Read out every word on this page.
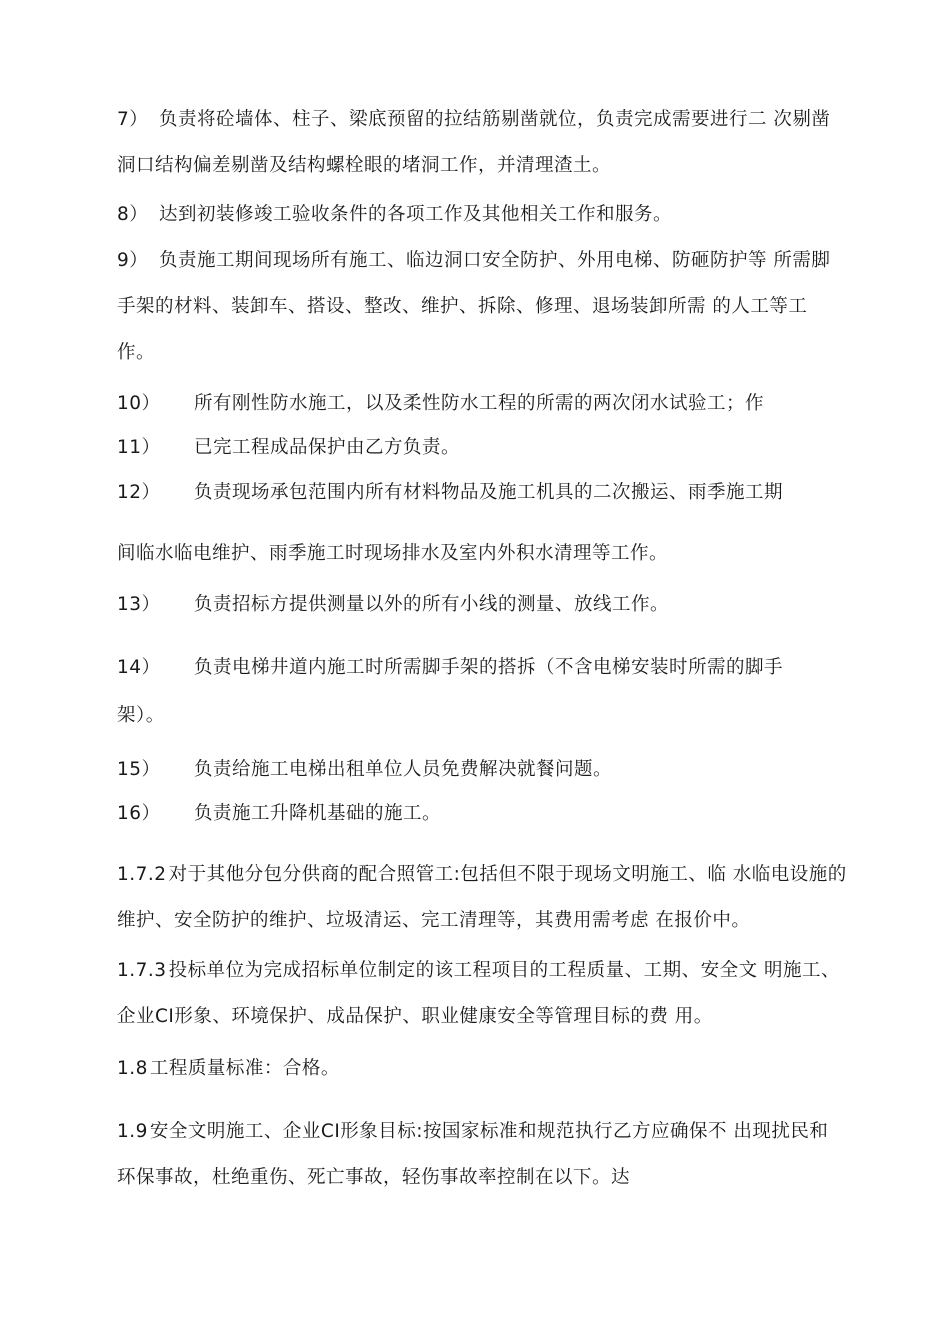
7） 负责将砼墙体、柱子、梁底预留的拉结筋剔凿就位，负责完成需要进行二 次剔凿
洞口结构偏差剔凿及结构螺栓眼的堵洞工作，并清理渣土。
8） 达到初装修竣工验收条件的各项工作及其他相关工作和服务。
9） 负责施工期间现场所有施工、临边洞口安全防护、外用电梯、防砸防护等 所需脚
手架的材料、装卸车、搭设、整改、维护、拆除、修理、退场装卸所需 的人工等工
作。
10） 所有刚性防水施工，以及柔性防水工程的所需的两次闭水试验工；作
11） 已完工程成品保护由乙方负责。
12） 负责现场承包范围内所有材料物品及施工机具的二次搬运、雨季施工期
间临水临电维护、雨季施工时现场排水及室内外积水清理等工作。
13） 负责招标方提供测量以外的所有小线的测量、放线工作。
14） 负责电梯井道内施工时所需脚手架的搭拆（不含电梯安装时所需的脚手
架）。
15） 负责给施工电梯出租单位人员免费解决就餐问题。
16） 负责施工升降机基础的施工。
1.7.2 对于其他分包分供商的配合照管工:包括但不限于现场文明施工、临 水临电设施的
维护、安全防护的维护、垃圾清运、完工清理等，其费用需考虑 在报价中。
1.7.3 投标单位为完成招标单位制定的该工程项目的工程质量、工期、安全文 明施工、
企业CI形象、环境保护、成品保护、职业健康安全等管理目标的费 用。
1.8 工程质量标准：合格。
1.9 安全文明施工、企业CI形象目标:按国家标准和规范执行乙方应确保不 出现扰民和
环保事故，杜绝重伤、死亡事故，轻伤事故率控制在以下。达
